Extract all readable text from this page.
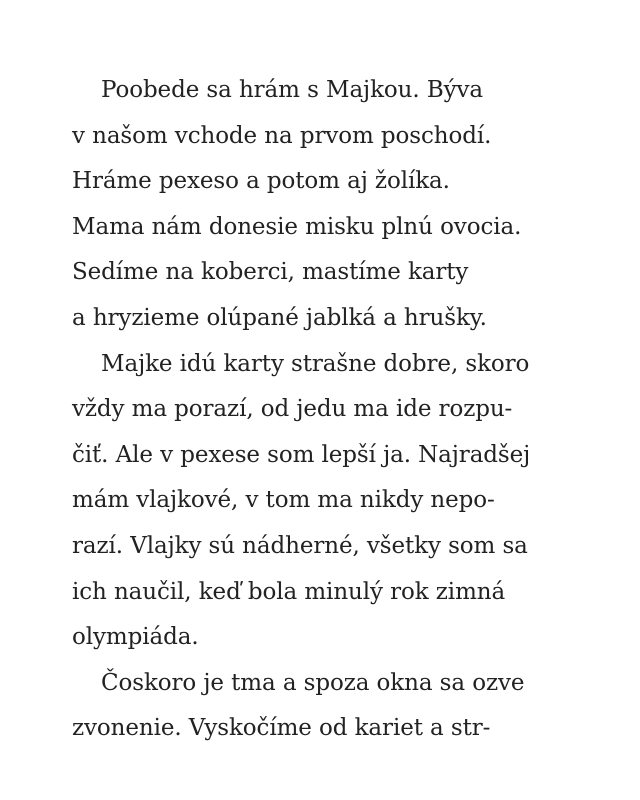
Poobede sa hrám s Majkou. Býva
v našom vchode na prvom poschodí.
Hráme pexeso a potom aj žolíka.
Mama nám donesie misku plnú ovocia.
Sedíme na koberci, mastíme karty
a hryzieme olúpané jablká a hrušky.
Majke idú karty strašne dobre, skoro
vždy ma porazí, od jedu ma ide rozpu-
čiť. Ale v pexese som lepší ja. Najradšej
mám vlajkové, v tom ma nikdy nepo-
razí. Vlajky sú nádherné, všetky som sa
ich naučil, keď bola minulý rok zimná
olympiáda.
Čoskoro je tma a spoza okna sa ozve
zvonenie. Vyskočíme od kariet a str-
